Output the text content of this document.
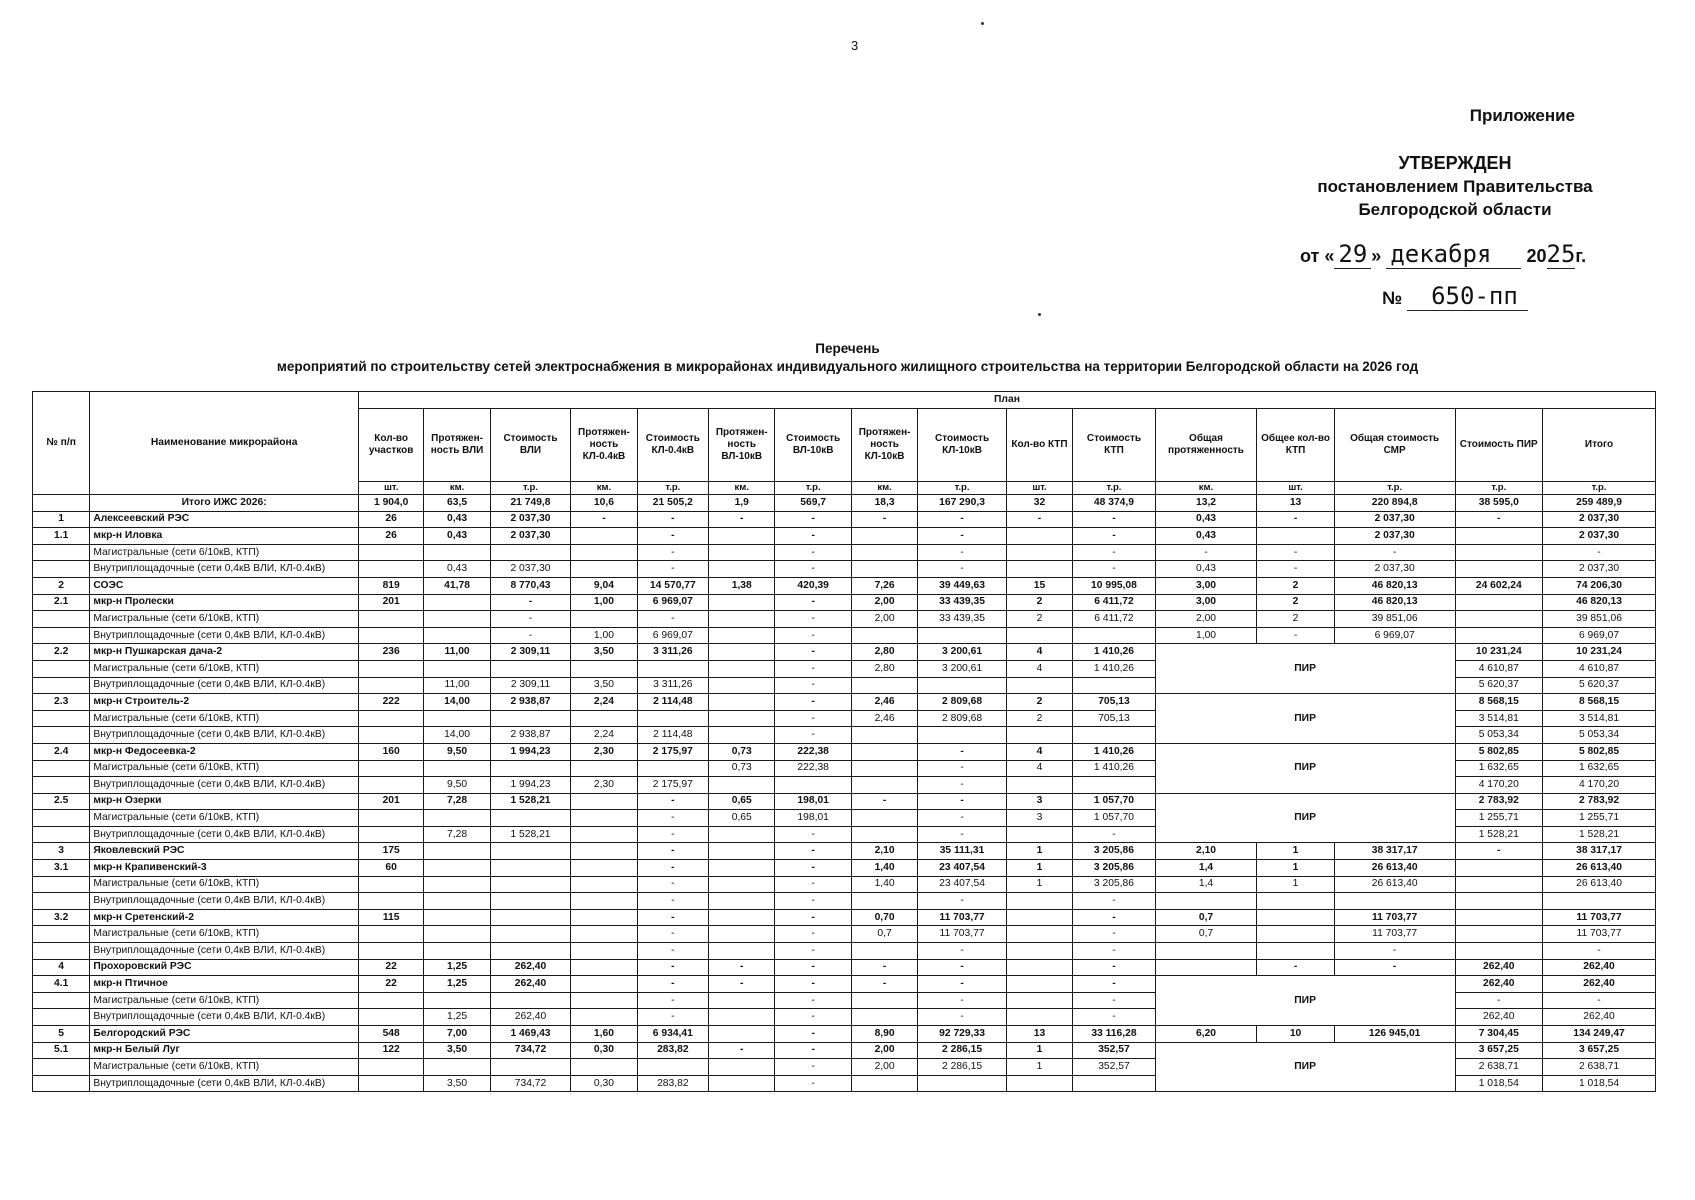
3
Приложение
УТВЕРЖДЕН
постановлением Правительства
Белгородской области
от « 29 » декабря 2025г.
№ 650-пп
Перечень
мероприятий по строительству сетей электроснабжения в микрорайонах индивидуального жилищного строительства на территории Белгородской области на 2026 год
№ п/п	Наименование микрорайона	План															
		Кол-во участков	Протяжен-ность ВЛИ	Стоимость ВЛИ	Протяжен-ность КЛ-0.4кВ	Стоимость КЛ-0.4кВ	Протяжен-ность ВЛ-10кВ	Стоимость ВЛ-10кВ	Протяжен-ность КЛ-10кВ	Стоимость КЛ-10кВ	Кол-во КТП	Стоимость КТП	Общая протяженность	Общее кол-во КТП	Общая стоимость СМР	Стоимость ПИР	Итого
		шт.	км.	т.р.	км.	т.р.	км.	т.р.	км.	т.р.	шт.	т.р.	км.	шт.	т.р.	т.р.	т.р.
	Итого ИЖС 2026:	1 904,0	63,5	21 749,8	10,6	21 505,2	1,9	569,7	18,3	167 290,3	32	48 374,9	13,2	13	220 894,8	38 595,0	259 489,9
1	Алексеевский РЭС	26	0,43	2 037,30	-	-	-	-	-	-	-	-	0,43	-	2 037,30	-	2 037,30
1.1	мкр-н Иловка	26	0,43	2 037,30		-		-		-		-	0,43		2 037,30		2 037,30
	Магистральные (сети 6/10кВ, КТП)					-		-		-		-	-	-	-		-
	Внутриплощадочные (сети 0,4кВ ВЛИ, КЛ-0.4кВ)		0,43	2 037,30		-		-		-		-	0,43	-	2 037,30		2 037,30
2	СОЭС	819	41,78	8 770,43	9,04	14 570,77	1,38	420,39	7,26	39 449,63	15	10 995,08	3,00	2	46 820,13	24 602,24	74 206,30
2.1	мкр-н Пролески	201		-	1,00	6 969,07		-	2,00	33 439,35	2	6 411,72	3,00	2	46 820,13		46 820,13
	Магистральные (сети 6/10кВ, КТП)			-		-		-	2,00	33 439,35	2	6 411,72	2,00	2	39 851,06		39 851,06
	Внутриплощадочные (сети 0,4кВ ВЛИ, КЛ-0.4кВ)			-	1,00	6 969,07		-					1,00	-	6 969,07		6 969,07
2.2	мкр-н Пушкарская дача-2	236	11,00	2 309,11	3,50	3 311,26		-	2,80	3 200,61	4	1 410,26	ПИР			10 231,24	10 231,24
	Магистральные (сети 6/10кВ, КТП)							-	2,80	3 200,61	4	1 410,26				4 610,87	4 610,87
	Внутриплощадочные (сети 0,4кВ ВЛИ, КЛ-0.4кВ)		11,00	2 309,11	3,50	3 311,26		-								5 620,37	5 620,37
2.3	мкр-н Строитель-2	222	14,00	2 938,87	2,24	2 114,48		-	2,46	2 809,68	2	705,13	ПИР			8 568,15	8 568,15
	Магистральные (сети 6/10кВ, КТП)							-	2,46	2 809,68	2	705,13				3 514,81	3 514,81
	Внутриплощадочные (сети 0,4кВ ВЛИ, КЛ-0.4кВ)		14,00	2 938,87	2,24	2 114,48		-								5 053,34	5 053,34
2.4	мкр-н Федосеевка-2	160	9,50	1 994,23	2,30	2 175,97	0,73	222,38		-	4	1 410,26	ПИР			5 802,85	5 802,85
	Магистральные (сети 6/10кВ, КТП)						0,73	222,38		-	4	1 410,26				1 632,65	1 632,65
	Внутриплощадочные (сети 0,4кВ ВЛИ, КЛ-0.4кВ)		9,50	1 994,23	2,30	2 175,97				-						4 170,20	4 170,20
2.5	мкр-н Озерки	201	7,28	1 528,21		-	0,65	198,01	-	-	3	1 057,70	ПИР			2 783,92	2 783,92
	Магистральные (сети 6/10кВ, КТП)					-	0,65	198,01		-	3	1 057,70				1 255,71	1 255,71
	Внутриплощадочные (сети 0,4кВ ВЛИ, КЛ-0.4кВ)		7,28	1 528,21		-		-		-		-				1 528,21	1 528,21
3	Яковлевский РЭС	175				-		-	2,10	35 111,31	1	3 205,86	2,10	1	38 317,17	-	38 317,17
3.1	мкр-н Крапивенский-3	60				-		-	1,40	23 407,54	1	3 205,86	1,4	1	26 613,40		26 613,40
	Магистральные (сети 6/10кВ, КТП)					-		-	1,40	23 407,54	1	3 205,86	1,4	1	26 613,40		26 613,40
	Внутриплощадочные (сети 0,4кВ ВЛИ, КЛ-0.4кВ)					-		-		-		-					
3.2	мкр-н Сретенский-2	115				-		-	0,70	11 703,77		-	0,7		11 703,77		11 703,77
	Магистральные (сети 6/10кВ, КТП)					-		-	0,7	11 703,77		-	0,7		11 703,77		11 703,77
	Внутриплощадочные (сети 0,4кВ ВЛИ, КЛ-0.4кВ)					-		-		-		-			-		-
4	Прохоровский РЭС	22	1,25	262,40		-	-	-	-	-		-		-	-	262,40	262,40
4.1	мкр-н Птичное	22	1,25	262,40		-	-	-	-	-		-	ПИР			262,40	262,40
	Магистральные (сети 6/10кВ, КТП)					-		-		-		-				-	-
	Внутриплощадочные (сети 0,4кВ ВЛИ, КЛ-0.4кВ)		1,25	262,40		-		-		-		-				262,40	262,40
5	Белгородский РЭС	548	7,00	1 469,43	1,60	6 934,41		-	8,90	92 729,33	13	33 116,28	6,20	10	126 945,01	7 304,45	134 249,47
5.1	мкр-н Белый Луг	122	3,50	734,72	0,30	283,82	-	-	2,00	2 286,15	1	352,57	ПИР			3 657,25	3 657,25
	Магистральные (сети 6/10кВ, КТП)							-	2,00	2 286,15	1	352,57				2 638,71	2 638,71
	Внутриплощадочные (сети 0,4кВ ВЛИ, КЛ-0.4кВ)		3,50	734,72	0,30	283,82		-								1 018,54	1 018,54
